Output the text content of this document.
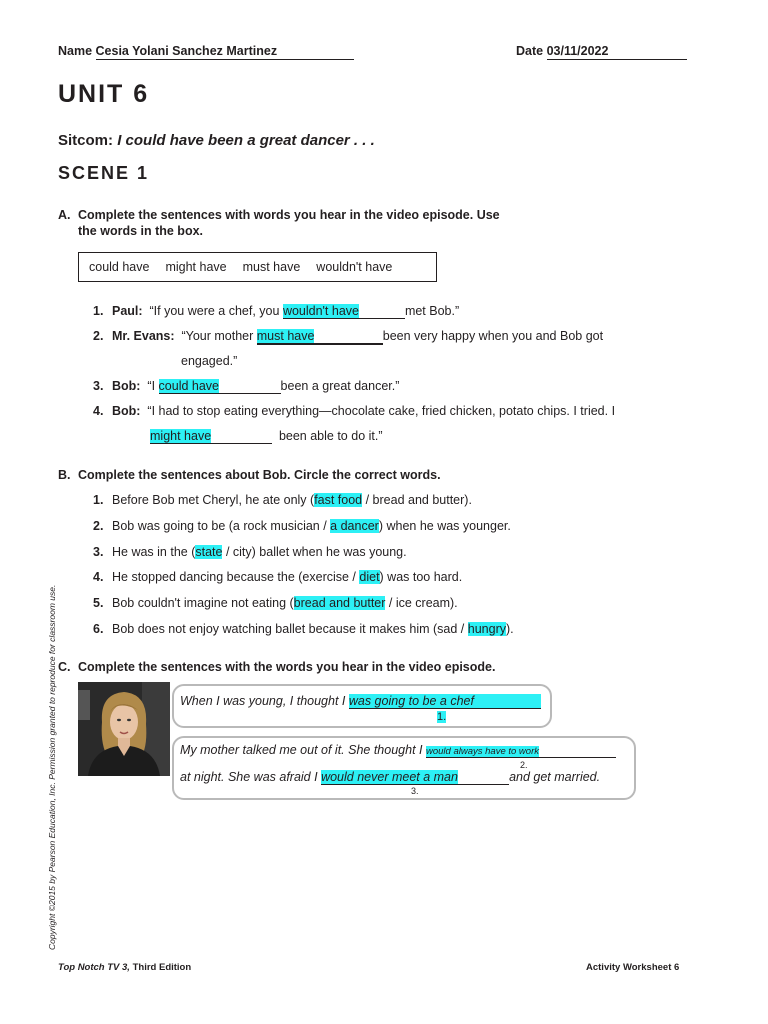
Name Cesia Yolani Sanchez Martinez	Date 03/11/2022
UNIT 6
Sitcom: I could have been a great dancer . . .
SCENE 1
A. Complete the sentences with words you hear in the video episode. Use
the words in the box.
could have might have must have wouldn't have
1. Paul: “If you were a chef, you wouldn't have	met Bob.”
2. Mr. Evans: “Your mother must have	been very happy when you and Bob got
engaged.”
3. Bob: “I could have	been a great dancer.”
4. Bob: “I had to stop eating everything—chocolate cake, fried chicken, potato chips. I tried. I
might have	been able to do it.”
B. Complete the sentences about Bob. Circle the correct words.
1. Before Bob met Cheryl, he ate only (fast food / bread and butter).
2. Bob was going to be (a rock musician / a dancer) when he was younger.
3. He was in the (state / city) ballet when he was young.
4. He stopped dancing because the (exercise / diet) was too hard.
5. Bob couldn't imagine not eating (bread and butter / ice cream).
6. Bob does not enjoy watching ballet because it makes him (sad / hungry).
C. Complete the sentences with the words you hear in the video episode.
When I was young, I thought I was going to be a chef
1.
My mother talked me out of it. She thought I would always have to work
2.
at night. She was afraid I would never meet a man	and get married.
3.
Copyright ©2015 by Pearson Education, Inc. Permission granted to reproduce for classroom use.
Top Notch TV 3, Third Edition	Activity Worksheet 6
